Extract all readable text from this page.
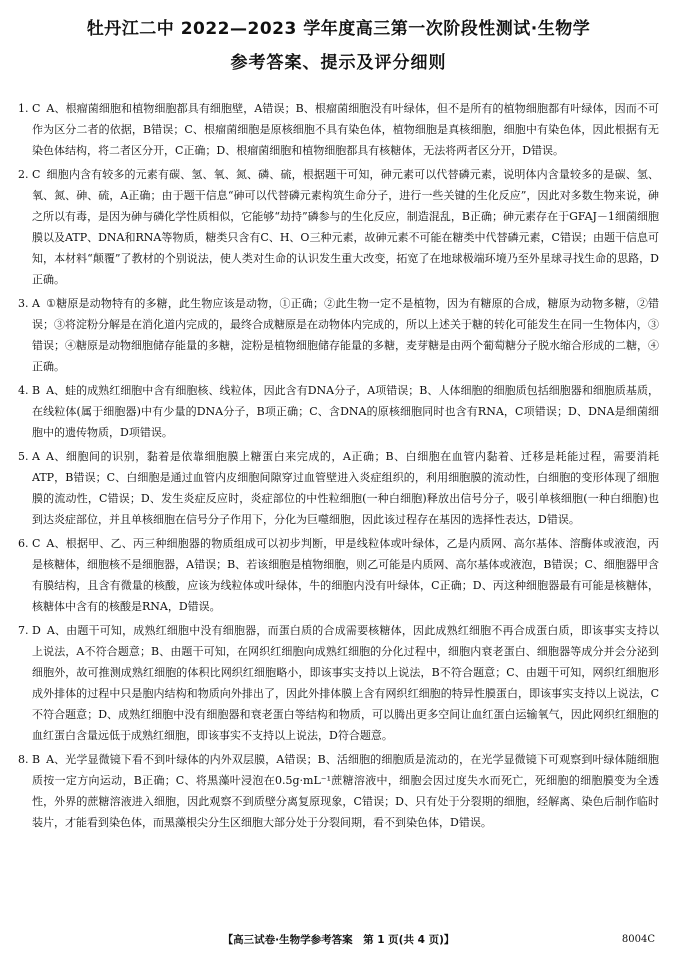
牡丹江二中 2022—2023 学年度高三第一次阶段性测试·生物学
参考答案、提示及评分细则
1. C A、根瘤菌细胞和植物细胞都具有细胞壁，A错误；B、根瘤菌细胞没有叶绿体，但不是所有的植物细胞都有叶绿体，因而不可作为区分二者的依据，B错误；C、根瘤菌细胞是原核细胞不具有染色体，植物细胞是真核细胞，细胞中有染色体，因此根据有无染色体结构，将二者区分开，C正确；D、根瘤菌细胞和植物细胞都具有核糖体，无法将两者区分开，D错误。
2. C 细胞内含有较多的元素有碳、氢、氧、氮、磷、硫，根据题干可知，砷元素可以代替磷元素，说明体内含量较多的是碳、氢、氧、氮、砷、硫，A正确；由于题干信息“砷可以代替磷元素构筑生命分子，进行一些关键的生化反应”，因此对多数生物来说，砷之所以有毒，是因为砷与磷化学性质相似，它能够“劫持”磷参与的生化反应，制造混乱，B正确；砷元素存在于GFAJ－1细菌细胞膜以及ATP、DNA和RNA等物质，糖类只含有C、H、O三种元素，故砷元素不可能在糖类中代替磷元素，C错误；由题干信息可知，本材料“颠覆”了教材的个别说法，使人类对生命的认识发生重大改变，拓宽了在地球极端环境乃至外星球寻找生命的思路，D正确。
3. A ①糖原是动物特有的多糖，此生物应该是动物，①正确；②此生物一定不是植物，因为有糖原的合成，糖原为动物多糖，②错误；③将淀粉分解是在消化道内完成的，最终合成糖原是在动物体内完成的，所以上述关于糖的转化可能发生在同一生物体内，③错误；④糖原是动物细胞储存能量的多糖，淀粉是植物细胞储存能量的多糖，麦芽糖是由两个葡萄糖分子脱水缩合形成的二糖，④正确。
4. B A、蛙的成熟红细胞中含有细胞核、线粒体，因此含有DNA分子，A项错误；B、人体细胞的细胞质包括细胞器和细胞质基质，在线粒体(属于细胞器)中有少量的DNA分子，B项正确；C、含DNA的原核细胞同时也含有RNA，C项错误；D、DNA是细菌细胞中的遗传物质，D项错误。
5. A A、细胞间的识别，黏着是依靠细胞膜上糖蛋白来完成的，A正确；B、白细胞在血管内黏着、迁移是耗能过程，需要消耗ATP，B错误；C、白细胞是通过血管内皮细胞间隙穿过血管壁进入炎症组织的，利用细胞膜的流动性，白细胞的变形体现了细胞膜的流动性，C错误；D、发生炎症反应时，炎症部位的中性粒细胞(一种白细胞)释放出信号分子，吸引单核细胞(一种白细胞)也到达炎症部位，并且单核细胞在信号分子作用下，分化为巨噬细胞，因此该过程存在基因的选择性表达，D错误。
6. C A、根据甲、乙、丙三种细胞器的物质组成可以初步判断，甲是线粒体或叶绿体，乙是内质网、高尔基体、溶酶体或液泡，丙是核糖体，细胞核不是细胞器，A错误；B、若该细胞是植物细胞，则乙可能是内质网、高尔基体或液泡，B错误；C、细胞器甲含有膜结构，且含有微量的核酸，应该为线粒体或叶绿体，牛的细胞内没有叶绿体，C正确；D、丙这种细胞器最有可能是核糖体，核糖体中含有的核酸是RNA，D错误。
7. D A、由题干可知，成熟红细胞中没有细胞器，而蛋白质的合成需要核糖体，因此成熟红细胞不再合成蛋白质，即该事实支持以上说法，A不符合题意；B、由题干可知，在网织红细胞向成熟红细胞的分化过程中，细胞内衰老蛋白、细胞器等成分并会分泌到细胞外，故可推测成熟红细胞的体积比网织红细胞略小，即该事实支持以上说法，B不符合题意；C、由题干可知，网织红细胞形成外排体的过程中只是胞内结构和物质向外排出了，因此外排体膜上含有网织红细胞的特异性膜蛋白，即该事实支持以上说法，C不符合题意；D、成熟红细胞中没有细胞器和衰老蛋白等结构和物质，可以腾出更多空间让血红蛋白运输氧气，因此网织红细胞的血红蛋白含量远低于成熟红细胞，即该事实不支持以上说法，D符合题意。
8. B A、光学显微镜下看不到叶绿体的内外双层膜，A错误；B、活细胞的细胞质是流动的，在光学显微镜下可观察到叶绿体随细胞质按一定方向运动，B正确；C、将黑藻叶浸泡在0.5g·mL⁻¹蔗糖溶液中，细胞会因过度失水而死亡，死细胞的细胞膜变为全透性，外界的蔗糖溶液进入细胞，因此观察不到质壁分离复原现象，C错误；D、只有处于分裂期的细胞，经解离、染色后制作临时装片，才能看到染色体，而黑藻根尖分生区细胞大部分处于分裂间期，看不到染色体，D错误。
【高三试卷·生物学参考答案　第 1 页(共 4 页)】	8004C
